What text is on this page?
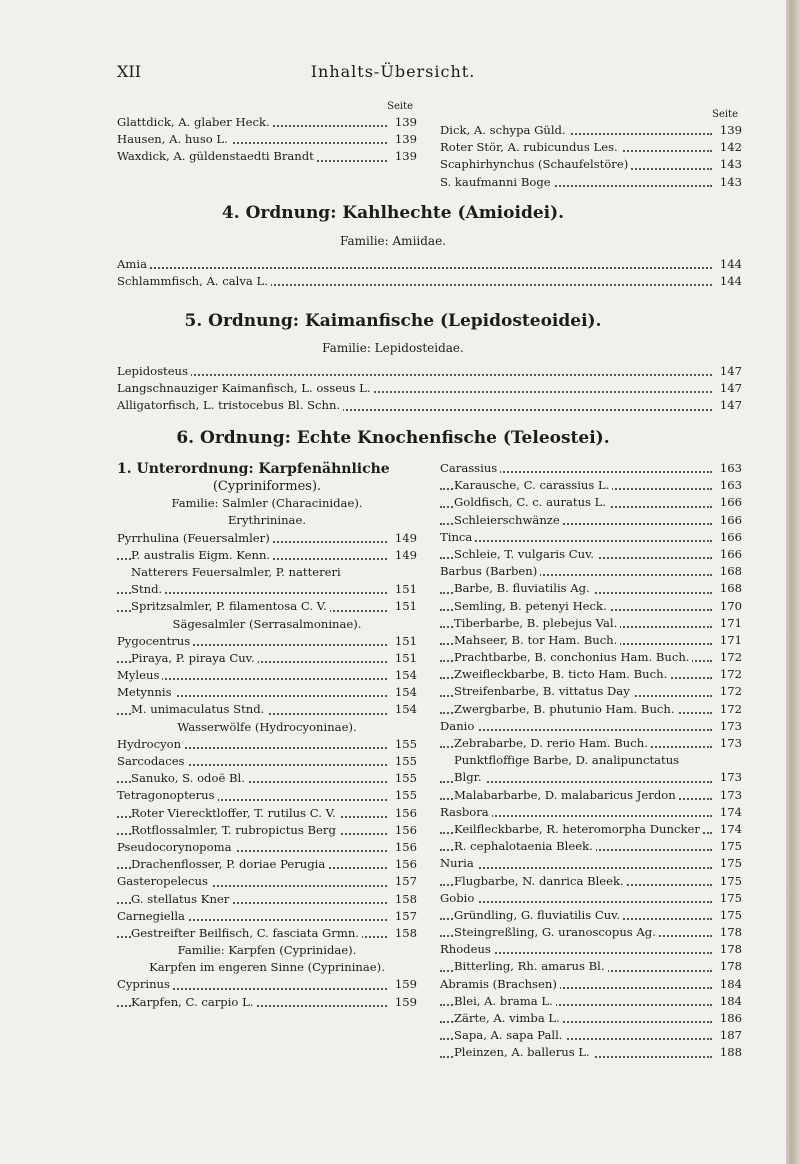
Inhalts-Übersicht.
XII
Seite
Glattdick, A. glaber Heck.	139
Hausen, A. huso L.	139
Waxdick, A. güldenstaedti Brandt	139
Seite
Dick, A. schypa Güld.	139
Roter Stör, A. rubicundus Les.	142
Scaphirhynchus (Schaufelstöre)	143
S. kaufmanni Boge	143
4. Ordnung: Kahlhechte (Amioidei).
Familie: Amiidae.
Amia	144
Schlammfisch, A. calva L.	144
5. Ordnung: Kaimanfische (Lepidosteoidei).
Familie: Lepidosteidae.
Lepidosteus	147
Langschnauziger Kaimanfisch, L. osseus L.	147
Alligatorfisch, L. tristocebus Bl. Schn.	147
6. Ordnung: Echte Knochenfische (Teleostei).
1. Unterordnung: Karpfenähnliche
(Cypriniformes).
Familie: Salmler (Characinidae).
Erythrininae.
Pyrrhulina (Feuersalmler)	149
P. australis Eigm. Kenn.	149
Natterers Feuersalmler, P. nattereri
Stnd.	151
Spritzsalmler, P. filamentosa C. V.	151
Sägesalmler (Serrasalmoninae).
Pygocentrus	151
Piraya, P. piraya Cuv.	151
Myleus	154
Metynnis	154
M. unimaculatus Stnd.	154
Wasserwölfe (Hydrocyoninae).
Hydrocyon	155
Sarcodaces	155
Sanuko, S. odoë Bl.	155
Tetragonopterus	155
Roter Vierecktloffer, T. rutilus C. V.	156
Rotflossalmler, T. rubropictus Berg	156
Pseudocorynopoma	156
Drachenflosser, P. doriae Perugia	156
Gasteropelecus	157
G. stellatus Kner	158
Carnegiella	157
Gestreifter Beilfisch, C. fasciata Grmn.	158
Familie: Karpfen (Cyprinidae).
Karpfen im engeren Sinne (Cyprininae).
Cyprinus	159
Karpfen, C. carpio L.	159
Carassius	163
Karausche, C. carassius L.	163
Goldfisch, C. c. auratus L.	166
Schleierschwänze	166
Tinca	166
Schleie, T. vulgaris Cuv.	166
Barbus (Barben)	168
Barbe, B. fluviatilis Ag.	168
Semling, B. petenyi Heck.	170
Tiberbarbe, B. plebejus Val.	171
Mahseer, B. tor Ham. Buch.	171
Prachtbarbe, B. conchonius Ham. Buch.	172
Zweifleckbarbe, B. ticto Ham. Buch.	172
Streifenbarbe, B. vittatus Day	172
Zwergbarbe, B. phutunio Ham. Buch.	172
Danio	173
Zebrabarbe, D. rerio Ham. Buch.	173
Punktfloffige Barbe, D. analipunctatus
Blgr.	173
Malabarbarbe, D. malabaricus Jerdon	173
Rasbora	174
Keilfleckbarbe, R. heteromorpha Duncker 174
R. cephalotaenia Bleek.	175
Nuria	175
Flugbarbe, N. danrica Bleek.	175
Gobio	175
Gründling, G. fluviatilis Cuv.	175
Steingreßling, G. uranoscopus Ag.	178
Rhodeus	178
Bitterling, Rh. amarus Bl.	178
Abramis (Brachsen)	184
Blei, A. brama L.	184
Zärte, A. vimba L.	186
Sapa, A. sapa Pall.	187
Pleinzen, A. ballerus L.	188
